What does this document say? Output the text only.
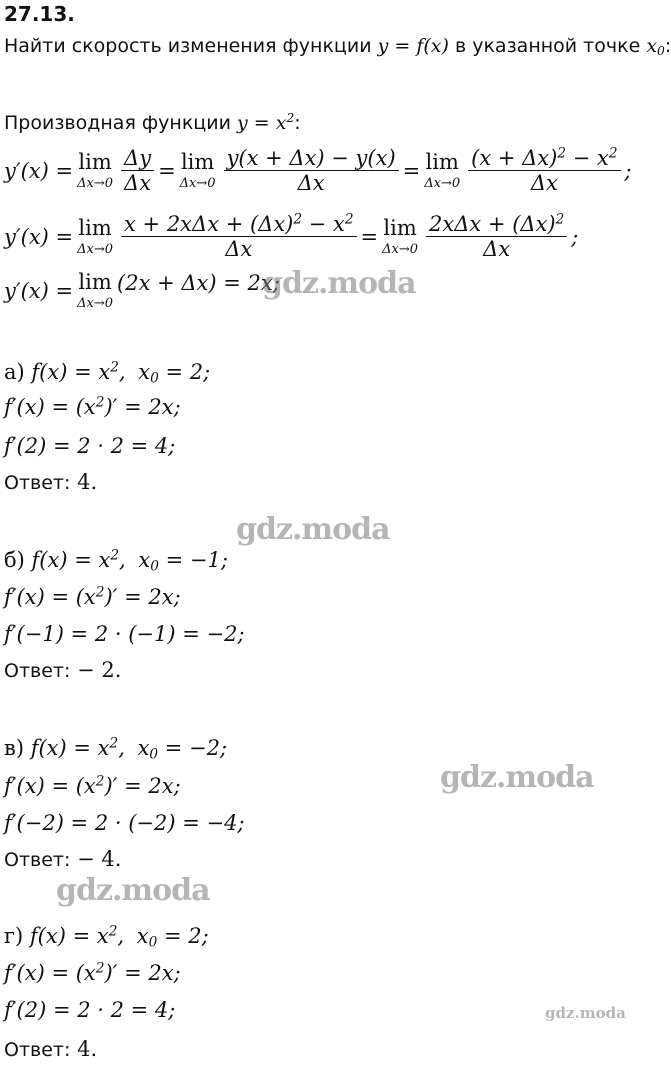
27.13.
Найти скорость изменения функции y = f(x) в указанной точке $x_0$:
Производная функции $y = x^2$:
y′(x) = lim
$\Delta x\to 0 \frac{\Delta y}{\Delta x} = \lim$
$\Delta x\to 0 \frac{y(x + \Delta x) - y(x)}{\Delta x} = \lim$
$\Delta x\to 0 \frac{(x + \Delta x)^2 - x^2}{\Delta x}$ ;
y′(x) = lim
$\Delta x\to 0 \frac{x + 2x\Delta x + (\Delta x)^2 - x^2}{\Delta x} = \lim$
$\Delta x\to 0 \frac{2x\Delta x + (\Delta x)^2}{\Delta x}$ ;
y′(x) = lim
Δx→0
(2x + Δx) = 2x;
а) $f(x) = x^2$, $x_0 = 2$;
$f'(x) = (x^2)' = 2x$;
f′(2) = 2 · 2 = 4;
Ответ: 4.
б) $f(x) = x^2$, $x_0 = -1$;
$f'(x) = (x^2)' = 2x$;
f′(−1) = 2 · (−1) = −2;
Ответ: − 2.
в) $f(x) = x^2$, $x_0 = -2$;
$f'(x) = (x^2)' = 2x$;
f′(−2) = 2 · (−2) = −4;
Ответ: − 4.
г) $f(x) = x^2$, $x_0 = 2$;
$f'(x) = (x^2)' = 2x$;
f′(2) = 2 · 2 = 4;
Ответ: 4.
gdz.moda
gdz.moda
gdz.moda
gdz.moda
gdz.moda
